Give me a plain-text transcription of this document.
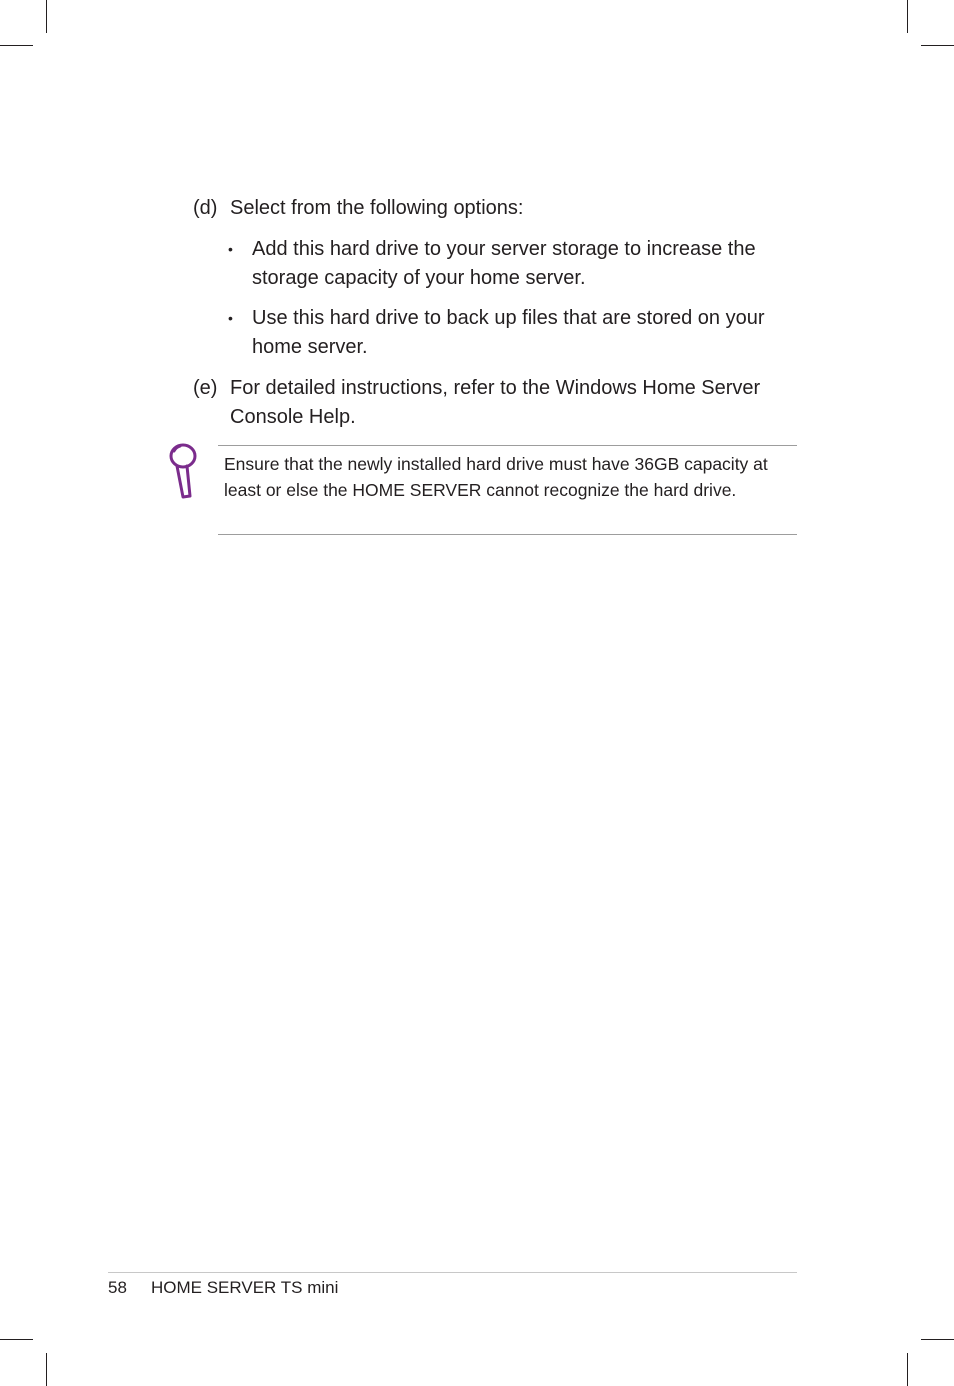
(d) Select from the following options:
• Add this hard drive to your server storage to increase the storage capacity of your home server.
• Use this hard drive to back up files that are stored on your home server.
(e) For detailed instructions, refer to the Windows Home Server Console Help.
Ensure that the newly installed hard drive must have 36GB capacity at least or else the HOME SERVER cannot recognize the hard drive.
58 HOME SERVER TS mini
